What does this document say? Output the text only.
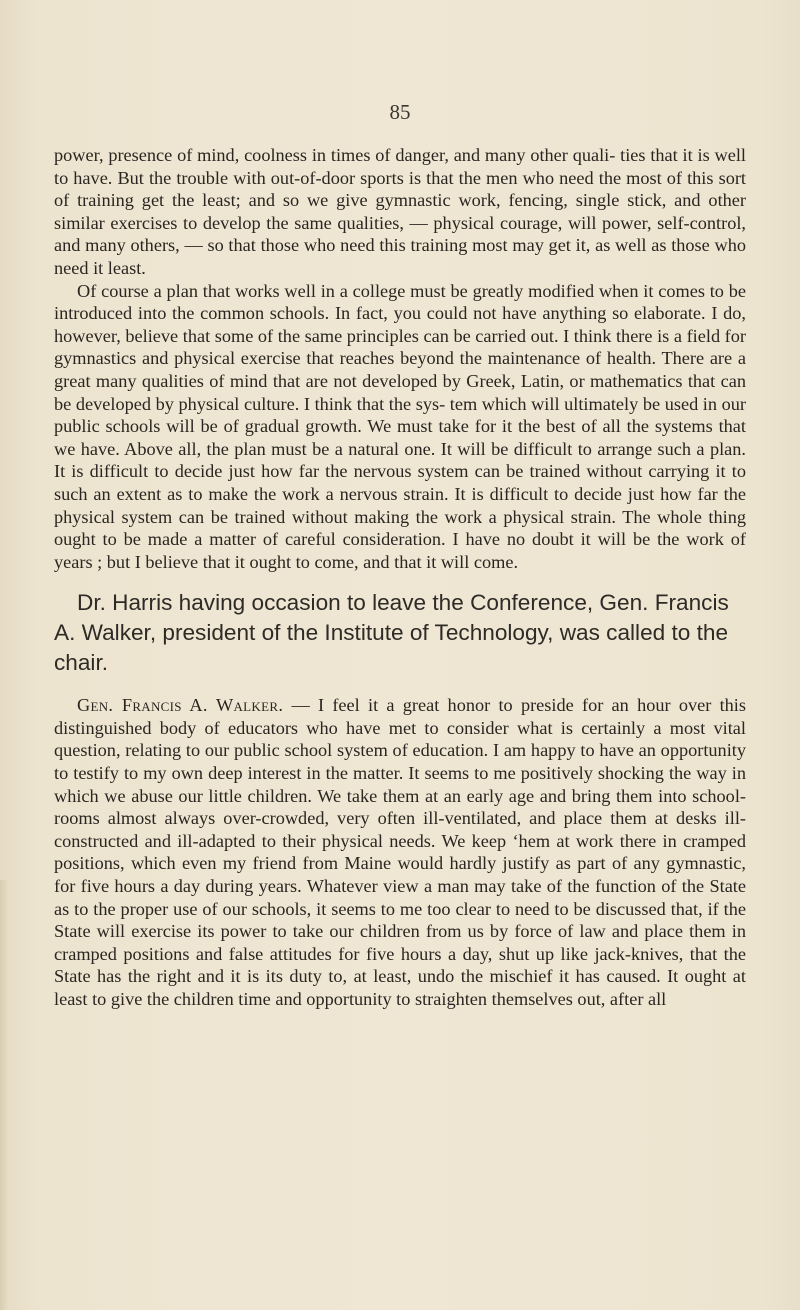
85

power, presence of mind, coolness in times of danger, and many other quali- ties that it is well to have. But the trouble with out-of-door sports is that the men who need the most of this sort of training get the least; and so we give gymnastic work, fencing, single stick, and other similar exercises to develop the same qualities, — physical courage, will power, self-control, and many others, — so that those who need this training most may get it, as well as those who need it least.

Of course a plan that works well in a college must be greatly modified when it comes to be introduced into the common schools. In fact, you could not have anything so elaborate. I do, however, believe that some of the same principles can be carried out. I think there is a field for gymnastics and physical exercise that reaches beyond the maintenance of health. There are a great many qualities of mind that are not developed by Greek, Latin, or mathematics that can be developed by physical culture. I think that the sys- tem which will ultimately be used in our public schools will be of gradual growth. We must take for it the best of all the systems that we have. Above all, the plan must be a natural one. It will be difficult to arrange such a plan. It is difficult to decide just how far the nervous system can be trained without carrying it to such an extent as to make the work a nervous strain. It is difficult to decide just how far the physical system can be trained without making the work a physical strain. The whole thing ought to be made a matter of careful consideration. I have no doubt it will be the work of years ; but I believe that it ought to come, and that it will come.

Dr. Harris having occasion to leave the Conference, Gen. Francis A. Walker, president of the Institute of Technology, was called to the chair.

Gen. Francis A. Walker. — I feel it a great honor to preside for an hour over this distinguished body of educators who have met to consider what is certainly a most vital question, relating to our public school system of education. I am happy to have an opportunity to testify to my own deep interest in the matter. It seems to me positively shocking the way in which we abuse our little children. We take them at an early age and bring them into school-rooms almost always over-crowded, very often ill-ventilated, and place them at desks ill-constructed and ill-adapted to their physical needs. We keep ‘hem at work there in cramped positions, which even my friend from Maine would hardly justify as part of any gymnastic, for five hours a day during years. Whatever view a man may take of the function of the State as to the proper use of our schools, it seems to me too clear to need to be discussed that, if the State will exercise its power to take our children from us by force of law and place them in cramped positions and false attitudes for five hours a day, shut up like jack-knives, that the State has the right and it is its duty to, at least, undo the mischief it has caused. It ought at least to give the children time and opportunity to straighten themselves out, after all
